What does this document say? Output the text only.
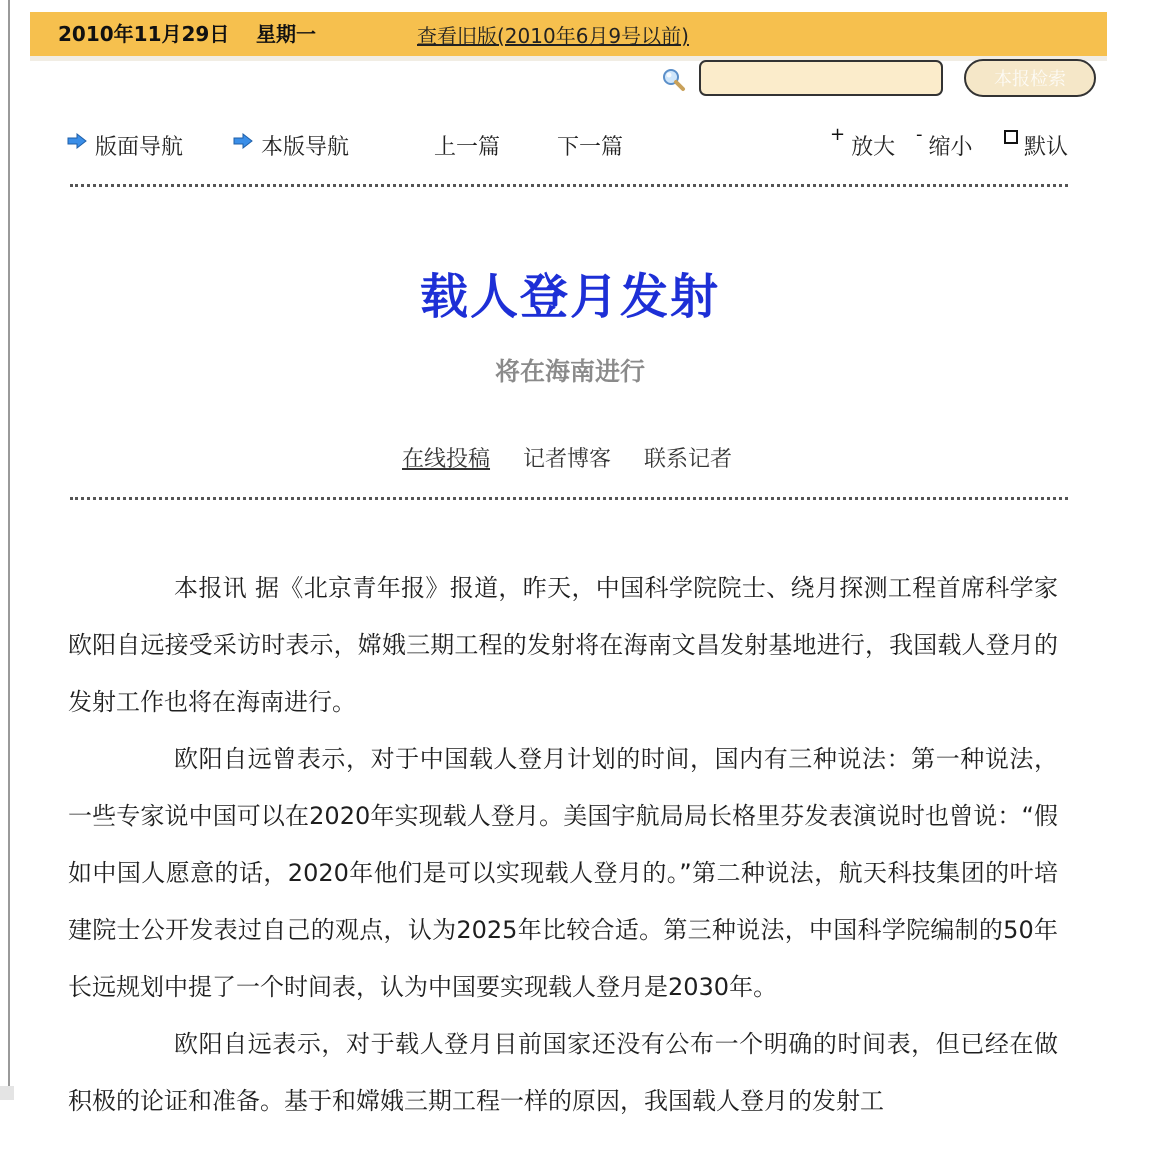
2010年11月29日 星期一	查看旧版(2010年6月9号以前)
本报检索
版面导航	本版导航	上一篇	下一篇
+放大
-缩小	默认
载人登月发射
将在海南进行
在线投稿 记者博客 联系记者

本报讯 据《北京青年报》报道，昨天，中国科学院院士、绕月探测工程首席科学家欧阳自远接受采访时表示，嫦娥三期工程的发射将在海南文昌发射基地进行，我国载人登月的发射工作也将在海南进行。

欧阳自远曾表示，对于中国载人登月计划的时间，国内有三种说法：第一种说法，一些专家说中国可以在2020年实现载人登月。美国宇航局局长格里芬发表演说时也曾说：“假如中国人愿意的话，2020年他们是可以实现载人登月的。”第二种说法，航天科技集团的叶培建院士公开发表过自己的观点，认为2025年比较合适。第三种说法，中国科学院编制的50年长远规划中提了一个时间表，认为中国要实现载人登月是2030年。

欧阳自远表示，对于载人登月目前国家还没有公布一个明确的时间表，但已经在做积极的论证和准备。基于和嫦娥三期工程一样的原因，我国载人登月的发射工
